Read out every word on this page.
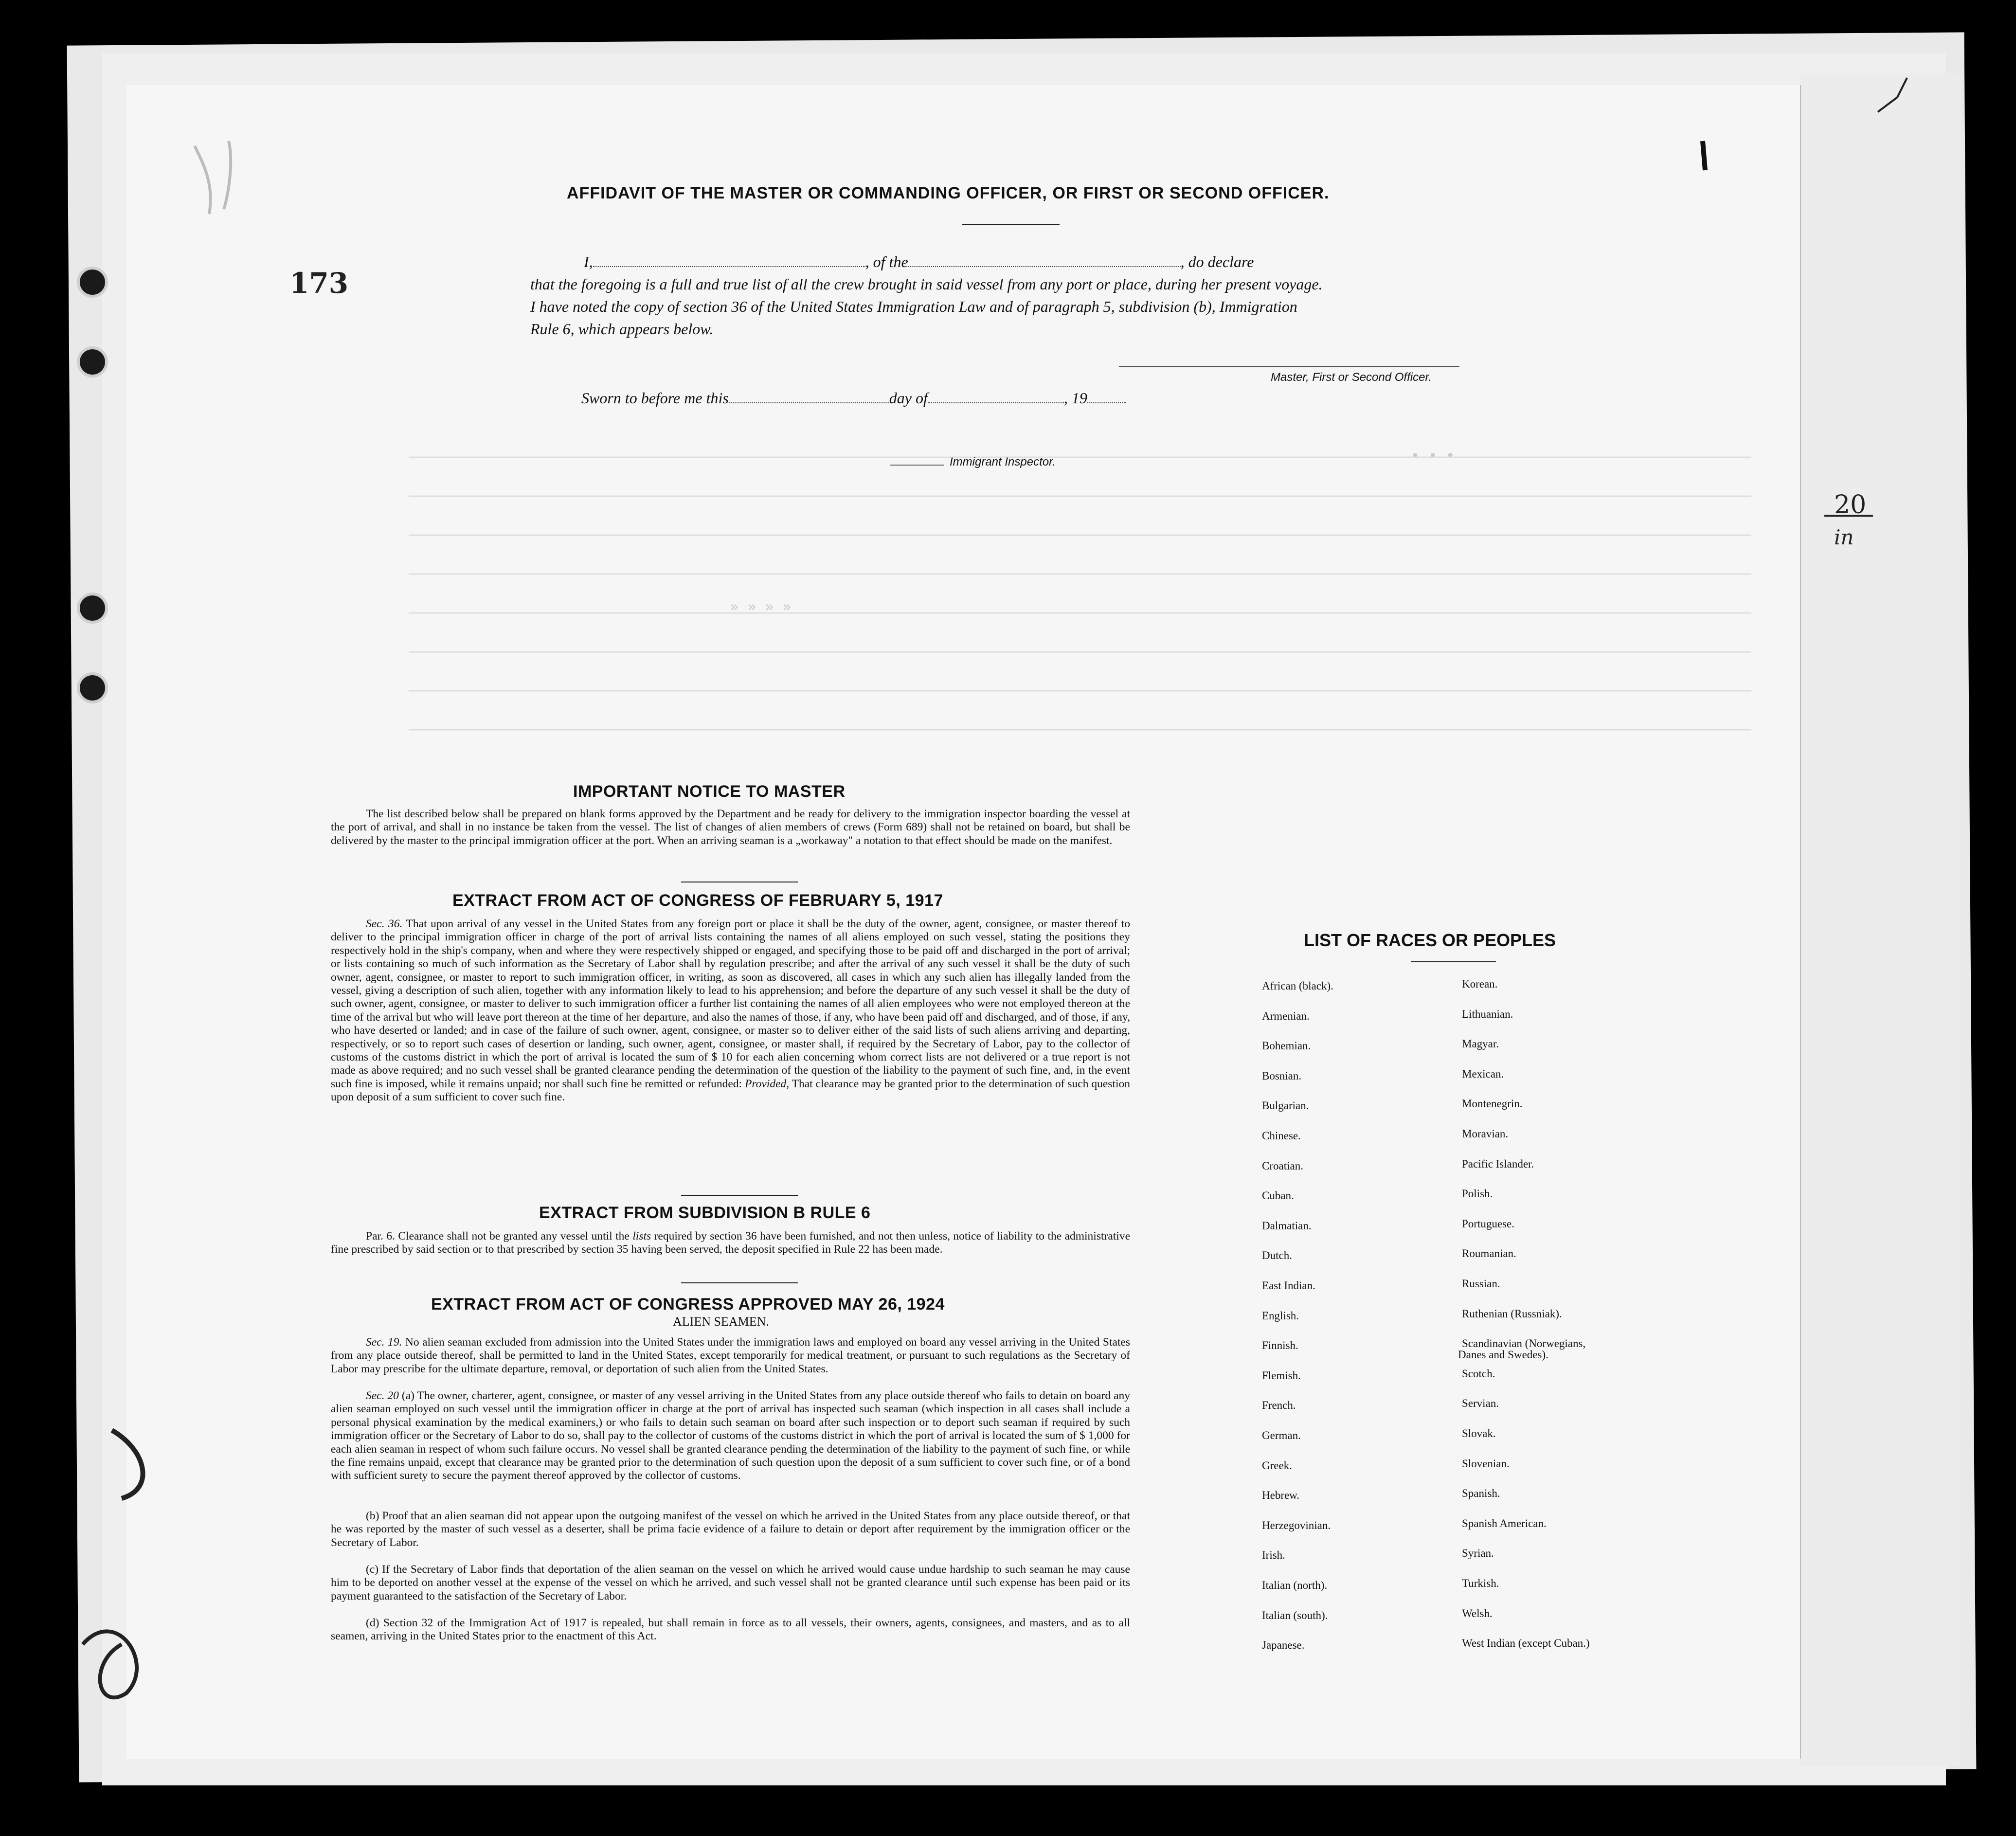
• • •
» » » »
173
20
in
AFFIDAVIT OF THE MASTER OR COMMANDING OFFICER, OR FIRST OR SECOND OFFICER.
I,	, of the	, do declare
that the foregoing is a full and true list of all the crew brought in said vessel from any port or place, during her present voyage.
I have noted the copy of section 36 of the United States Immigration Law and of paragraph 5, subdivision (b), Immigration
Rule 6, which appears below.
Master, First or Second Officer.
Sworn to before me this	day of	, 19
Immigrant Inspector.
IMPORTANT NOTICE TO MASTER
The list described below shall be prepared on blank forms approved by the Department and be ready for delivery to the immigration inspector boarding the vessel at the port of arrival, and shall in no instance be taken from the vessel. The list of changes of alien members of crews (Form 689) shall not be retained on board, but shall be delivered by the master to the principal immigration officer at the port. When an arriving seaman is a „workaway" a notation to that effect should be made on the manifest.
EXTRACT FROM ACT OF CONGRESS OF FEBRUARY 5, 1917
Sec. 36. That upon arrival of any vessel in the United States from any foreign port or place it shall be the duty of the owner, agent, consignee, or master thereof to deliver to the principal immigration officer in charge of the port of arrival lists containing the names of all aliens employed on such vessel, stating the positions they respectively hold in the ship's company, when and where they were respectively shipped or engaged, and specifying those to be paid off and discharged in the port of arrival; or lists containing so much of such information as the Secretary of Labor shall by regulation prescribe; and after the arrival of any such vessel it shall be the duty of such owner, agent, consignee, or master to report to such immigration officer, in writing, as soon as discovered, all cases in which any such alien has illegally landed from the vessel, giving a description of such alien, together with any information likely to lead to his apprehension; and before the departure of any such vessel it shall be the duty of such owner, agent, consignee, or master to deliver to such immigration officer a further list containing the names of all alien employees who were not employed thereon at the time of the arrival but who will leave port thereon at the time of her departure, and also the names of those, if any, who have been paid off and discharged, and of those, if any, who have deserted or landed; and in case of the failure of such owner, agent, consignee, or master so to deliver either of the said lists of such aliens arriving and departing, respectively, or so to report such cases of desertion or landing, such owner, agent, consignee, or master shall, if required by the Secretary of Labor, pay to the collector of customs of the customs district in which the port of arrival is located the sum of $ 10 for each alien concerning whom correct lists are not delivered or a true report is not made as above required; and no such vessel shall be granted clearance pending the determination of the question of the liability to the payment of such fine, and, in the event such fine is imposed, while it remains unpaid; nor shall such fine be remitted or refunded: Provided, That clearance may be granted prior to the determination of such question upon deposit of a sum sufficient to cover such fine.
EXTRACT FROM SUBDIVISION B RULE 6
Par. 6. Clearance shall not be granted any vessel until the lists required by section 36 have been furnished, and not then unless, notice of liability to the administrative fine prescribed by said section or to that prescribed by section 35 having been served, the deposit specified in Rule 22 has been made.
EXTRACT FROM ACT OF CONGRESS APPROVED MAY 26, 1924
ALIEN SEAMEN.
Sec. 19. No alien seaman excluded from admission into the United States under the immigration laws and employed on board any vessel arriving in the United States from any place outside thereof, shall be permitted to land in the United States, except temporarily for medical treatment, or pursuant to such regulations as the Secretary of Labor may prescribe for the ultimate departure, removal, or deportation of such alien from the United States.
Sec. 20 (a) The owner, charterer, agent, consignee, or master of any vessel arriving in the United States from any place outside thereof who fails to detain on board any alien seaman employed on such vessel until the immigration officer in charge at the port of arrival has inspected such seaman (which inspection in all cases shall include a personal physical examination by the medical examiners,) or who fails to detain such seaman on board after such inspection or to deport such seaman if required by such immigration officer or the Secretary of Labor to do so, shall pay to the collector of customs of the customs district in which the port of arrival is located the sum of $ 1,000 for each alien seaman in respect of whom such failure occurs. No vessel shall be granted clearance pending the determination of the liability to the payment of such fine, or while the fine remains unpaid, except that clearance may be granted prior to the determination of such question upon the deposit of a sum sufficient to cover such fine, or of a bond with sufficient surety to secure the payment thereof approved by the collector of customs.
(b) Proof that an alien seaman did not appear upon the outgoing manifest of the vessel on which he arrived in the United States from any place outside thereof, or that he was reported by the master of such vessel as a deserter, shall be prima facie evidence of a failure to detain or deport after requirement by the immigration officer or the Secretary of Labor.
(c) If the Secretary of Labor finds that deportation of the alien seaman on the vessel on which he arrived would cause undue hardship to such seaman he may cause him to be deported on another vessel at the expense of the vessel on which he arrived, and such vessel shall not be granted clearance until such expense has been paid or its payment guaranteed to the satisfaction of the Secretary of Labor.
(d) Section 32 of the Immigration Act of 1917 is repealed, but shall remain in force as to all vessels, their owners, agents, consignees, and masters, and as to all seamen, arriving in the United States prior to the enactment of this Act.
LIST OF RACES OR PEOPLES
African (black).
Armenian.
Bohemian.
Bosnian.
Bulgarian.
Chinese.
Croatian.
Cuban.
Dalmatian.
Dutch.
East Indian.
English.
Finnish.
Flemish.
French.
German.
Greek.
Hebrew.
Herzegovinian.
Irish.
Italian (north).
Italian (south).
Japanese.
Korean.
Lithuanian.
Magyar.
Mexican.
Montenegrin.
Moravian.
Pacific Islander.
Polish.
Portuguese.
Roumanian.
Russian.
Ruthenian (Russniak).
Scandinavian (Norwegians,
Scotch.
Servian.
Slovak.
Slovenian.
Spanish.
Spanish American.
Syrian.
Turkish.
Welsh.
West Indian (except Cuban.)
Danes and Swedes).
